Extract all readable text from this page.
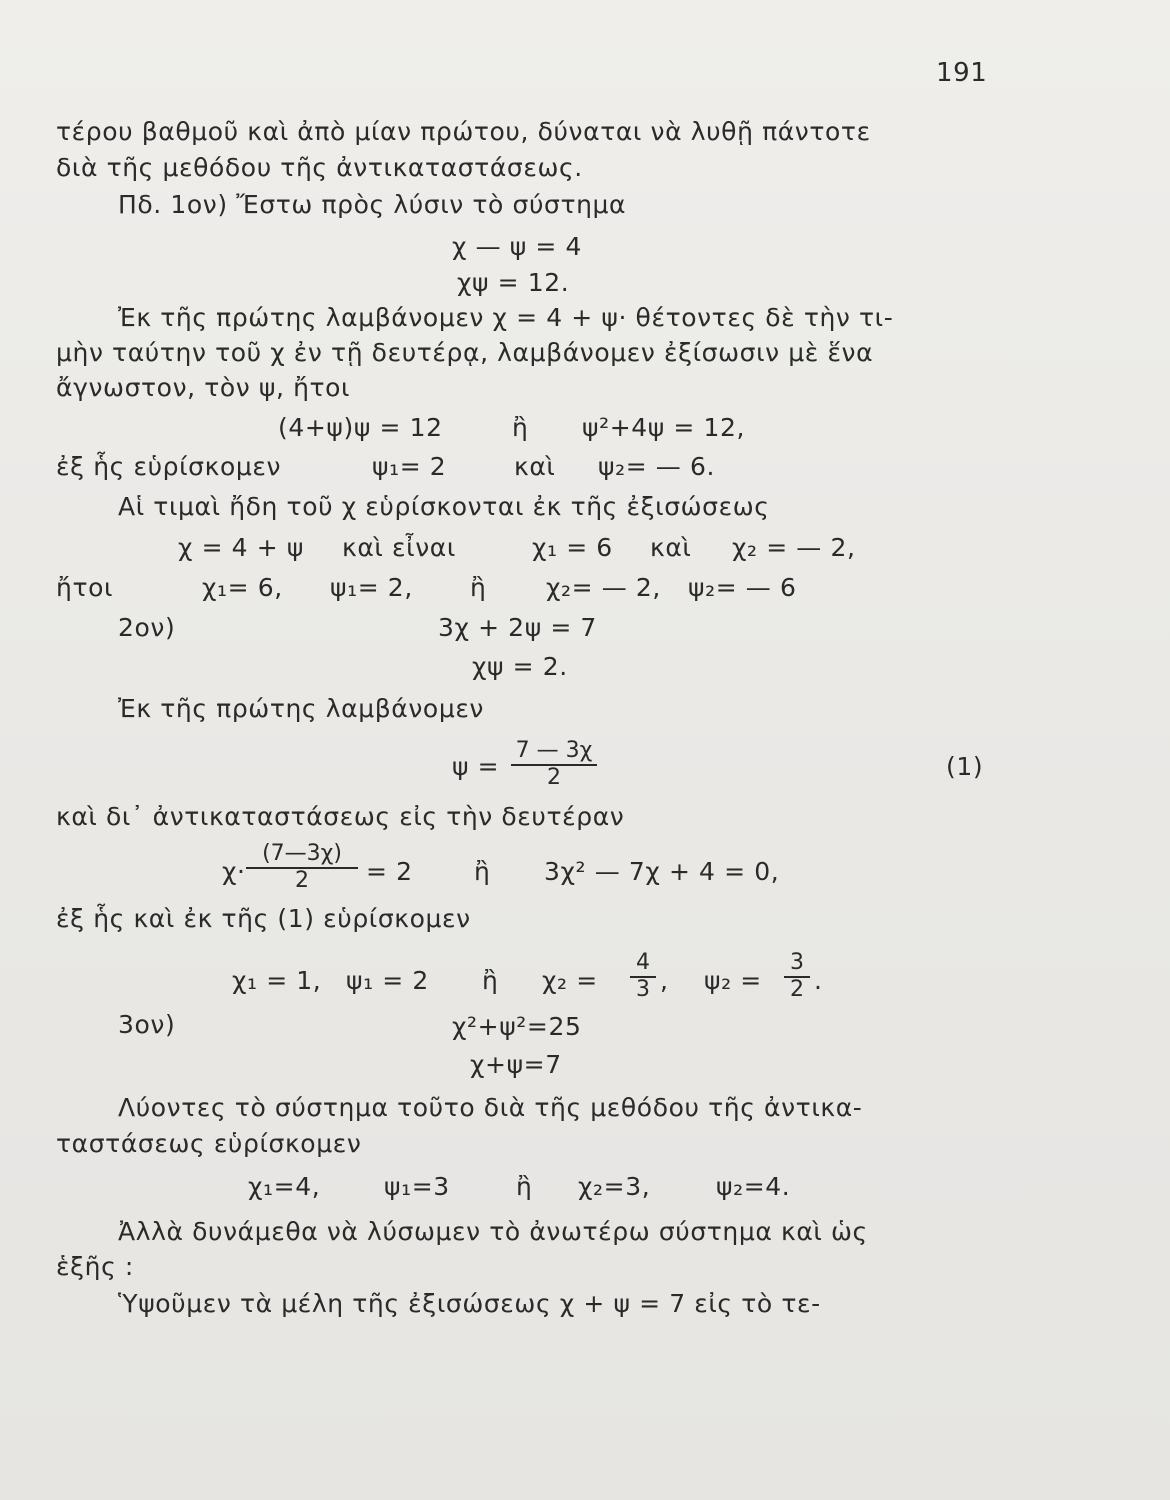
191
τέρου βαθμοῦ καὶ ἀπὸ μίαν πρώτου, δύναται νὰ λυθῇ πάντοτε
διὰ τῆς μεθόδου τῆς ἀντικαταστάσεως.
Πδ. 1ον) Ἔστω πρὸς λύσιν τὸ σύστημα
χ — ψ = 4
χψ = 12.
Ἐκ τῆς πρώτης λαμβάνομεν χ = 4 + ψ· θέτοντες δὲ τὴν τι-
μὴν ταύτην τοῦ χ ἐν τῇ δευτέρᾳ, λαμβάνομεν ἐξίσωσιν μὲ ἕνα
ἄγνωστον, τὸν ψ, ἤτοι
(4+ψ)ψ = 12	ἢ ψ²+4ψ = 12,
ἐξ ἧς εὑρίσκομεν	ψ₁= 2	καὶ ψ₂= — 6.
Αἱ τιμαὶ ἤδη τοῦ χ εὑρίσκονται ἐκ τῆς ἐξισώσεως
χ = 4 + ψ καὶ εἶναι	χ₁ = 6 καὶ χ₂ = — 2,
ἤτοι	χ₁= 6, ψ₁= 2, ἢ χ₂= — 2, ψ₂= — 6
2ον)	3χ + 2ψ = 7
χψ = 2.
Ἐκ τῆς πρώτης λαμβάνομεν
ψ =
7 — 3χ
2	(1)
καὶ δι᾽ ἀντικαταστάσεως εἰς τὴν δευτέραν
χ·
(7—3χ)
2	= 2 ἢ 3χ² — 7χ + 4 = 0,
ἐξ ἧς καὶ ἐκ τῆς (1) εὑρίσκομεν
χ₁ = 1, ψ₁ = 2 ἢ χ₂ =
4
3 , ψ₂ =
3
2 .
3ον)	χ²+ψ²=25
χ+ψ=7
Λύοντες τὸ σύστημα τοῦτο διὰ τῆς μεθόδου τῆς ἀντικα-
ταστάσεως εὑρίσκομεν
χ₁=4,	ψ₁=3	ἢ χ₂=3,	ψ₂=4.
Ἀλλὰ δυνάμεθα νὰ λύσωμεν τὸ ἀνωτέρω σύστημα καὶ ὡς
ἑξῆς :
Ὑψοῦμεν τὰ μέλη τῆς ἐξισώσεως χ + ψ = 7 εἰς τὸ τε-
